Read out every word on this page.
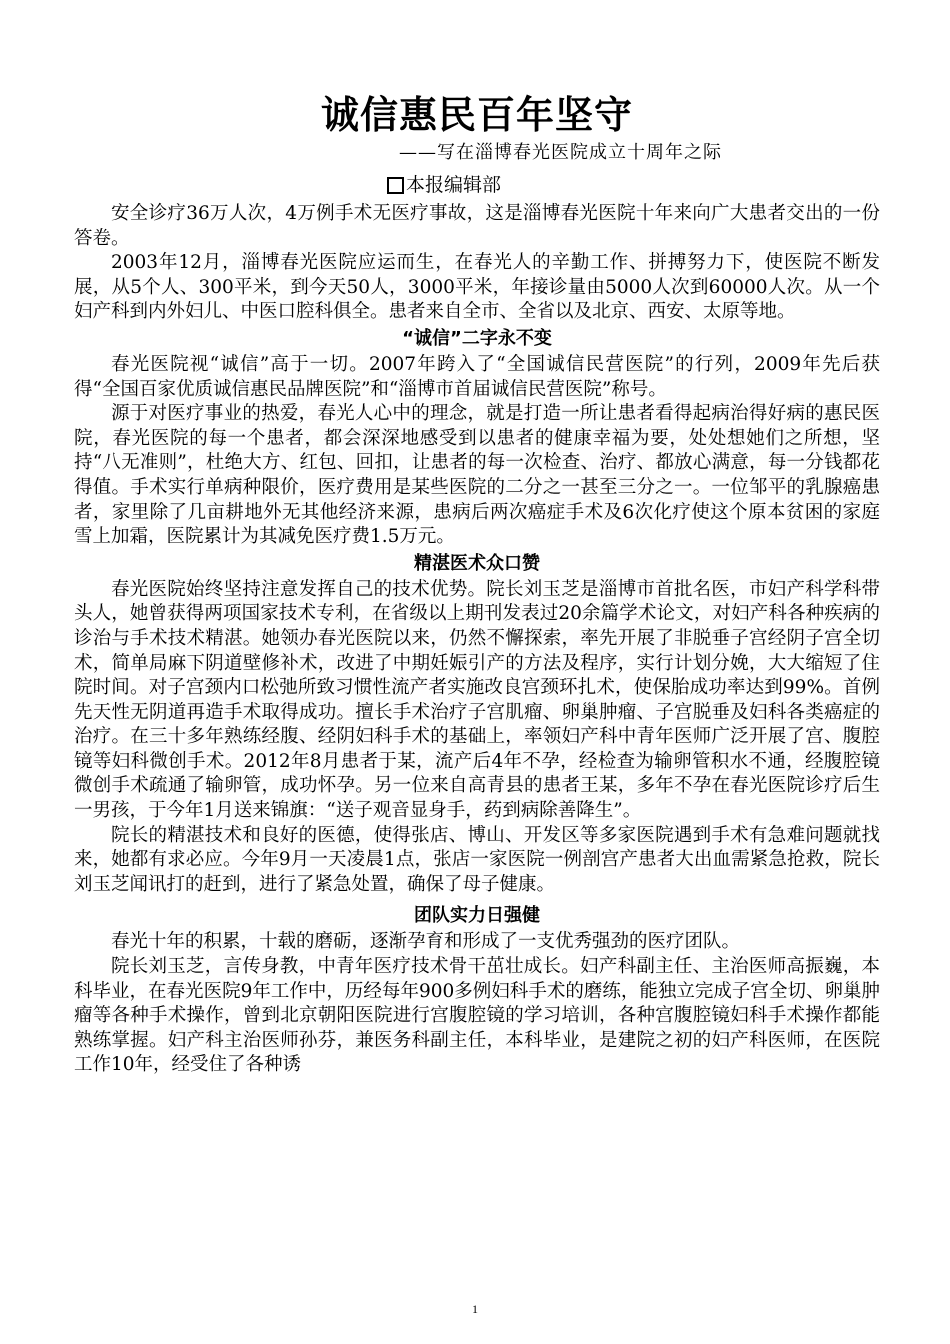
诚信惠民百年坚守

——写在淄博春光医院成立十周年之际

本报编辑部

安全诊疗36万人次，4万例手术无医疗事故，这是淄博春光医院十年来向广大患者交出的一份答卷。

2003年12月，淄博春光医院应运而生，在春光人的辛勤工作、拼搏努力下，使医院不断发展，从5个人、300平米，到今天50人，3000平米，年接诊量由5000人次到60000人次。从一个妇产科到内外妇儿、中医口腔科俱全。患者来自全市、全省以及北京、西安、太原等地。

“诚信”二字永不变

春光医院视“诚信”高于一切。2007年跨入了“全国诚信民营医院”的行列，2009年先后获得“全国百家优质诚信惠民品牌医院”和“淄博市首届诚信民营医院”称号。

源于对医疗事业的热爱，春光人心中的理念，就是打造一所让患者看得起病治得好病的惠民医院，春光医院的每一个患者，都会深深地感受到以患者的健康幸福为要，处处想她们之所想，坚持“八无准则”，杜绝大方、红包、回扣，让患者的每一次检查、治疗、都放心满意，每一分钱都花得值。手术实行单病种限价，医疗费用是某些医院的二分之一甚至三分之一。一位邹平的乳腺癌患者，家里除了几亩耕地外无其他经济来源，患病后两次癌症手术及6次化疗使这个原本贫困的家庭雪上加霜，医院累计为其减免医疗费1.5万元。

精湛医术众口赞

春光医院始终坚持注意发挥自己的技术优势。院长刘玉芝是淄博市首批名医，市妇产科学科带头人，她曾获得两项国家技术专利，在省级以上期刊发表过20余篇学术论文，对妇产科各种疾病的诊治与手术技术精湛。她领办春光医院以来，仍然不懈探索，率先开展了非脱垂子宫经阴子宫全切术，简单局麻下阴道壁修补术，改进了中期妊娠引产的方法及程序，实行计划分娩，大大缩短了住院时间。对子宫颈内口松弛所致习惯性流产者实施改良宫颈环扎术，使保胎成功率达到99%。首例先天性无阴道再造手术取得成功。擅长手术治疗子宫肌瘤、卵巢肿瘤、子宫脱垂及妇科各类癌症的治疗。在三十多年熟练经腹、经阴妇科手术的基础上，率领妇产科中青年医师广泛开展了宫、腹腔镜等妇科微创手术。2012年8月患者于某，流产后4年不孕，经检查为输卵管积水不通，经腹腔镜微创手术疏通了输卵管，成功怀孕。另一位来自高青县的患者王某，多年不孕在春光医院诊疗后生一男孩，于今年1月送来锦旗：“送子观音显身手，药到病除善降生”。

院长的精湛技术和良好的医德，使得张店、博山、开发区等多家医院遇到手术有急难问题就找来，她都有求必应。今年9月一天凌晨1点，张店一家医院一例剖宫产患者大出血需紧急抢救，院长刘玉芝闻讯打的赶到，进行了紧急处置，确保了母子健康。

团队实力日强健

春光十年的积累，十载的磨砺，逐渐孕育和形成了一支优秀强劲的医疗团队。

院长刘玉芝，言传身教，中青年医疗技术骨干茁壮成长。妇产科副主任、主治医师高振巍，本科毕业，在春光医院9年工作中，历经每年900多例妇科手术的磨练，能独立完成子宫全切、卵巢肿瘤等各种手术操作，曾到北京朝阳医院进行宫腹腔镜的学习培训，各种宫腹腔镜妇科手术操作都能熟练掌握。妇产科主治医师孙芬，兼医务科副主任，本科毕业，是建院之初的妇产科医师，在医院工作10年，经受住了各种诱

1
